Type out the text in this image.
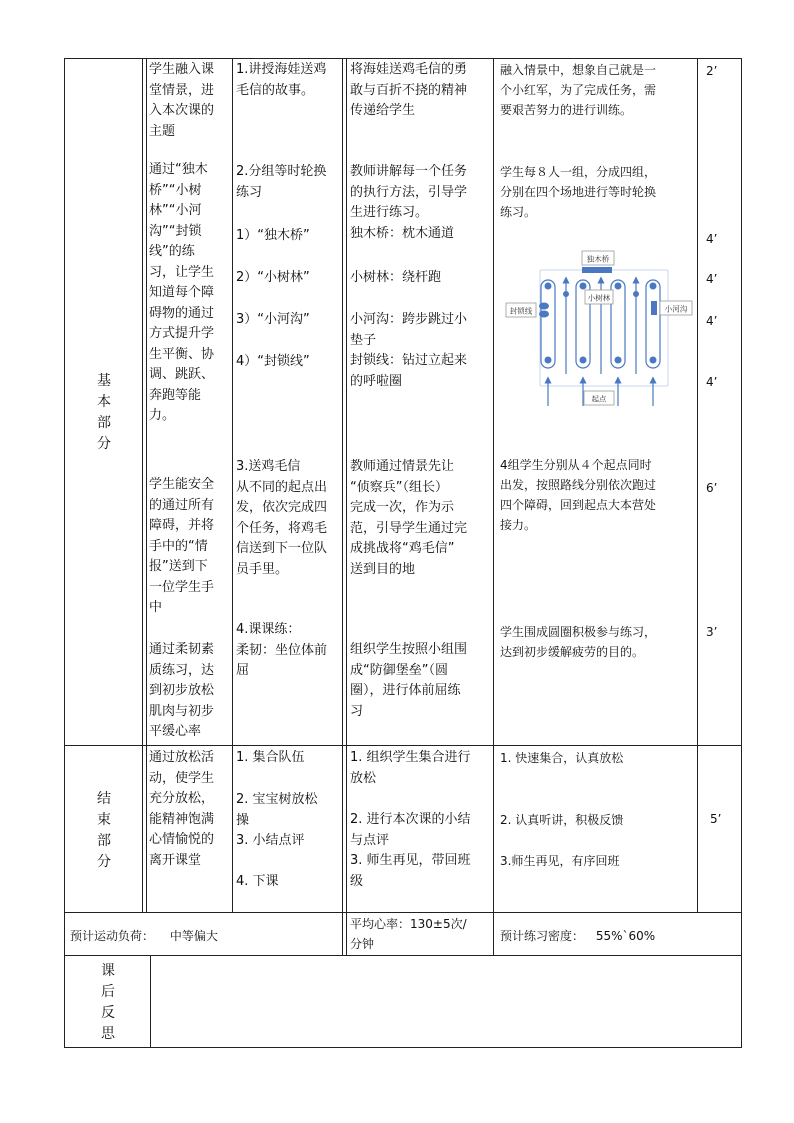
基
本
部
分
结
束
部
分
课
后
反
思
学生融入课
堂情景，进
入本次课的
主题
通过“独木
桥”“小树
林”“小河
沟”“封锁
线”的练
习，让学生
知道每个障
碍物的通过
方式提升学
生平衡、协
调、跳跃、
奔跑等能
力。
学生能安全
的通过所有
障碍，并将
手中的“情
报”送到下
一位学生手
中
通过柔韧素
质练习，达
到初步放松
肌肉与初步
平缓心率
1.讲授海娃送鸡
毛信的故事。
2.分组等时轮换
练习
1）“独木桥”
2）“小树林”
3）“小河沟”
4）“封锁线”
3.送鸡毛信
从不同的起点出
发，依次完成四
个任务，将鸡毛
信送到下一位队
员手里。
4.课课练：
柔韧：坐位体前
屈
将海娃送鸡毛信的勇
敢与百折不挠的精神
传递给学生
教师讲解每一个任务
的执行方法，引导学
生进行练习。
独木桥：枕木通道
小树林：绕杆跑
小河沟：跨步跳过小
垫子
封锁线：钻过立起来
的呼啦圈
教师通过情景先让
“侦察兵”（组长）
完成一次，作为示
范，引导学生通过完
成挑战将“鸡毛信”
送到目的地
组织学生按照小组围
成“防御堡垒”（圆
圈），进行体前屈练
习
融入情景中，想象自己就是一
个小红军，为了完成任务，需
要艰苦努力的进行训练。
学生每８人一组，分成四组，
分别在四个场地进行等时轮换
练习。
4组学生分别从４个起点同时
出发，按照路线分别依次跑过
四个障碍，回到起点大本营处
接力。
学生围成圆圈积极参与练习，
达到初步缓解疲劳的目的。
独木桥
小树林
小河沟
封锁线
起点
2’
4’
4’
4’
4’
6’
3’
通过放松活
动，使学生
充分放松，
能精神饱满
心情愉悦的
离开课堂
1. 集合队伍
2. 宝宝树放松
操
3. 小结点评
4. 下课
1. 组织学生集合进行
放松
2. 进行本次课的小结
与点评
3. 师生再见，带回班
级
1. 快速集合，认真放松
2. 认真听讲，积极反馈
3.师生再见，有序回班
5’
预计运动负荷： 中等偏大
平均心率：130±5次/
分钟
预计练习密度： 55%`60%
